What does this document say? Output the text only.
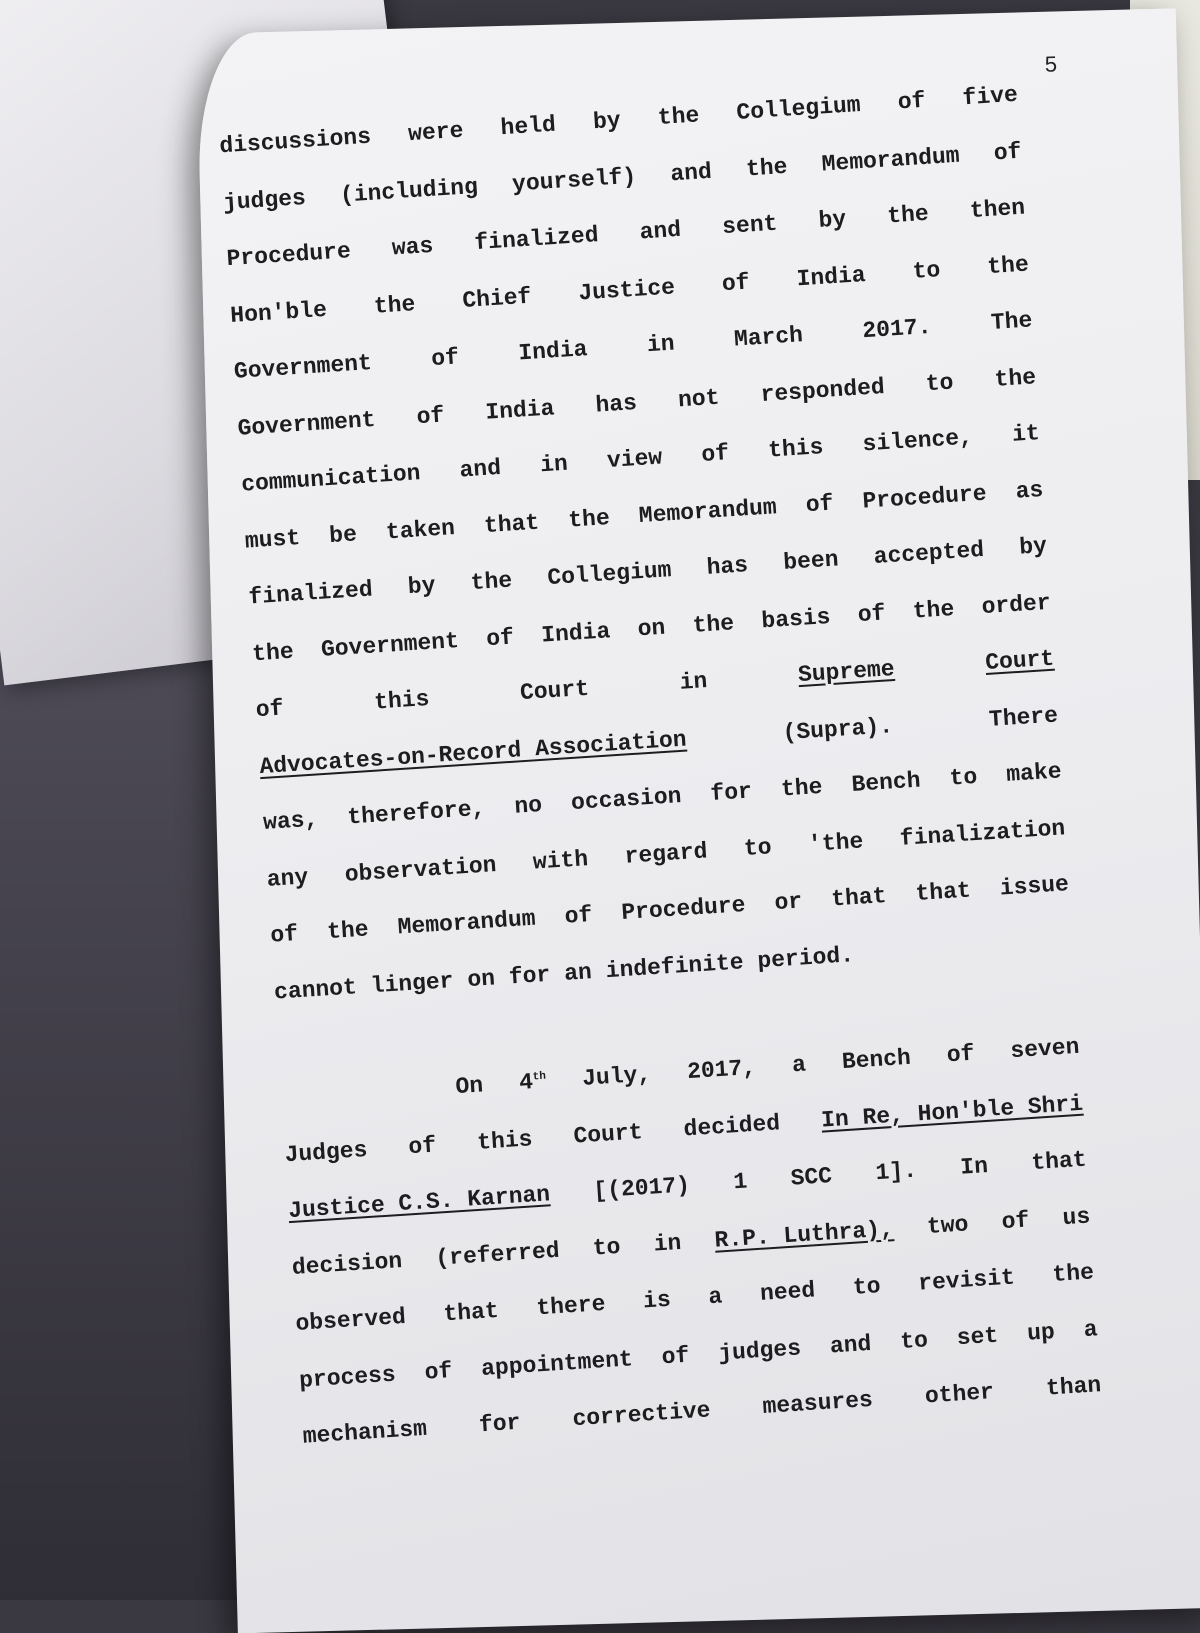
5
discussions were held by the Collegium of five
judges (including yourself) and the Memorandum of
Procedure was finalized and sent by the then
Hon'ble the Chief Justice of India to the
Government	of	India	in	March	2017.	The
Government of India has not responded to the
communication and in view of this silence, it
must be taken that the Memorandum of Procedure as
finalized by the Collegium has been accepted by
the Government of India on the basis of the order
of	this	Court	in	Supreme	Court
Advocates-on-Record Association	(Supra).	There
was, therefore, no occasion for the Bench to make
any observation with regard to 'the finalization
of the Memorandum of Procedure or that that issue
cannot linger on for an indefinite period.
On 4th July, 2017, a Bench of seven
Judges of this Court decided In Re, Hon'ble Shri
Justice C.S. Karnan [(2017) 1 SCC 1]. In that
decision (referred to in R.P. Luthra), two of us
observed that there is a need to revisit the
process of appointment of judges and to set up a
mechanism for corrective measures other than
